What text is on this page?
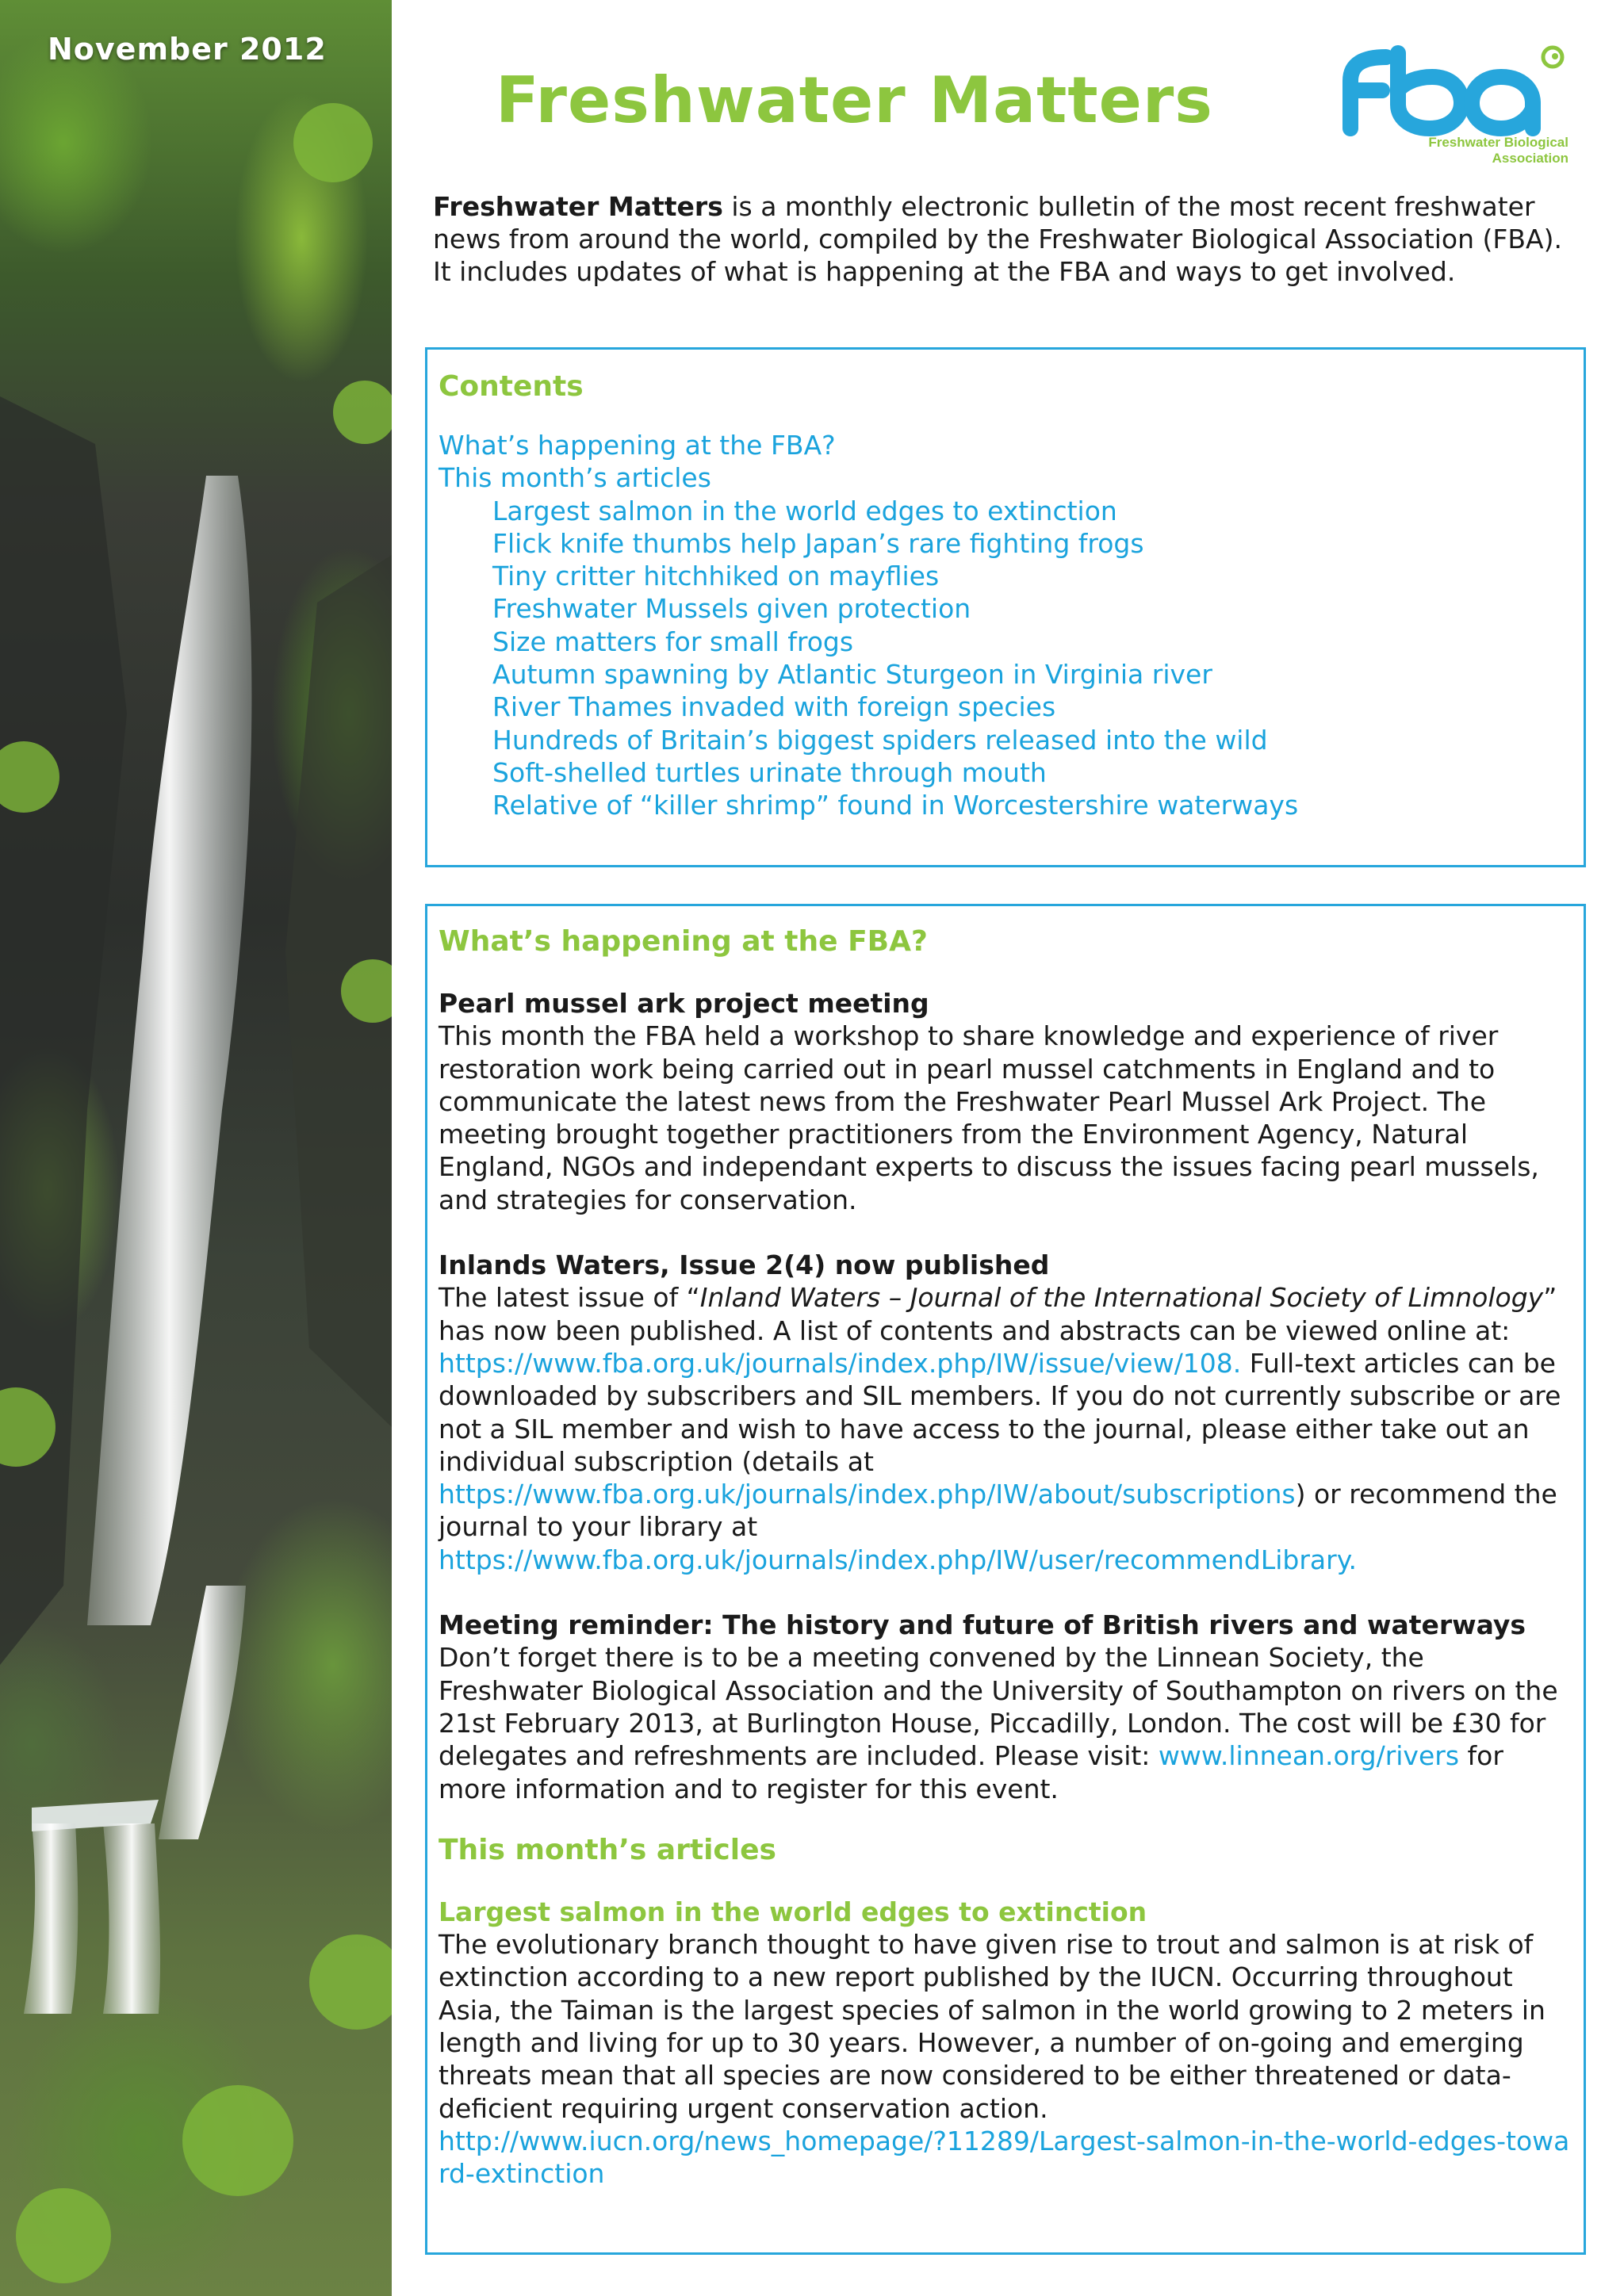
November 2012
Freshwater Matters
Freshwater Biological
Association
Freshwater Matters is a monthly electronic bulletin of the most recent freshwater news from around the world, compiled by the Freshwater Biological Association (FBA). It includes updates of what is happening at the FBA and ways to get involved.
Contents
What’s happening at the FBA?
This month’s articles
Largest salmon in the world edges to extinction
Flick knife thumbs help Japan’s rare fighting frogs
Tiny critter hitchhiked on mayflies
Freshwater Mussels given protection
Size matters for small frogs
Autumn spawning by Atlantic Sturgeon in Virginia river
River Thames invaded with foreign species
Hundreds of Britain’s biggest spiders released into the wild
Soft-shelled turtles urinate through mouth
Relative of “killer shrimp” found in Worcestershire waterways
What’s happening at the FBA?
Pearl mussel ark project meeting
This month the FBA held a workshop to share knowledge and experience of river restoration work being carried out in pearl mussel catchments in England and to communicate the latest news from the Freshwater Pearl Mussel Ark Project. The meeting brought together practitioners from the Environment Agency, Natural England, NGOs and independant experts to discuss the issues facing pearl mussels, and strategies for conservation.
Inlands Waters, Issue 2(4) now published
The latest issue of “Inland Waters – Journal of the International Society of Limnology” has now been published. A list of contents and abstracts can be viewed online at: https://www.fba.org.uk/journals/index.php/IW/issue/view/108. Full-text articles can be downloaded by subscribers and SIL members. If you do not currently subscribe or are not a SIL member and wish to have access to the journal, please either take out an individual subscription (details at https://www.fba.org.uk/journals/index.php/IW/about/subscriptions) or recommend the journal to your library at https://www.fba.org.uk/journals/index.php/IW/user/recommendLibrary.
Meeting reminder: The history and future of British rivers and waterways
Don’t forget there is to be a meeting convened by the Linnean Society, the Freshwater Biological Association and the University of Southampton on rivers on the 21st February 2013, at Burlington House, Piccadilly, London. The cost will be £30 for delegates and refreshments are included. Please visit: www.linnean.org/rivers for more information and to register for this event.
This month’s articles
Largest salmon in the world edges to extinction
The evolutionary branch thought to have given rise to trout and salmon is at risk of extinction according to a new report published by the IUCN. Occurring throughout Asia, the Taiman is the largest species of salmon in the world growing to 2 meters in length and living for up to 30 years. However, a number of on-going and emerging threats mean that all species are now considered to be either threatened or data-deficient requiring urgent conservation action.
http://www.iucn.org/news_homepage/?11289/Largest-salmon-in-the-world-edges-toward-extinction
